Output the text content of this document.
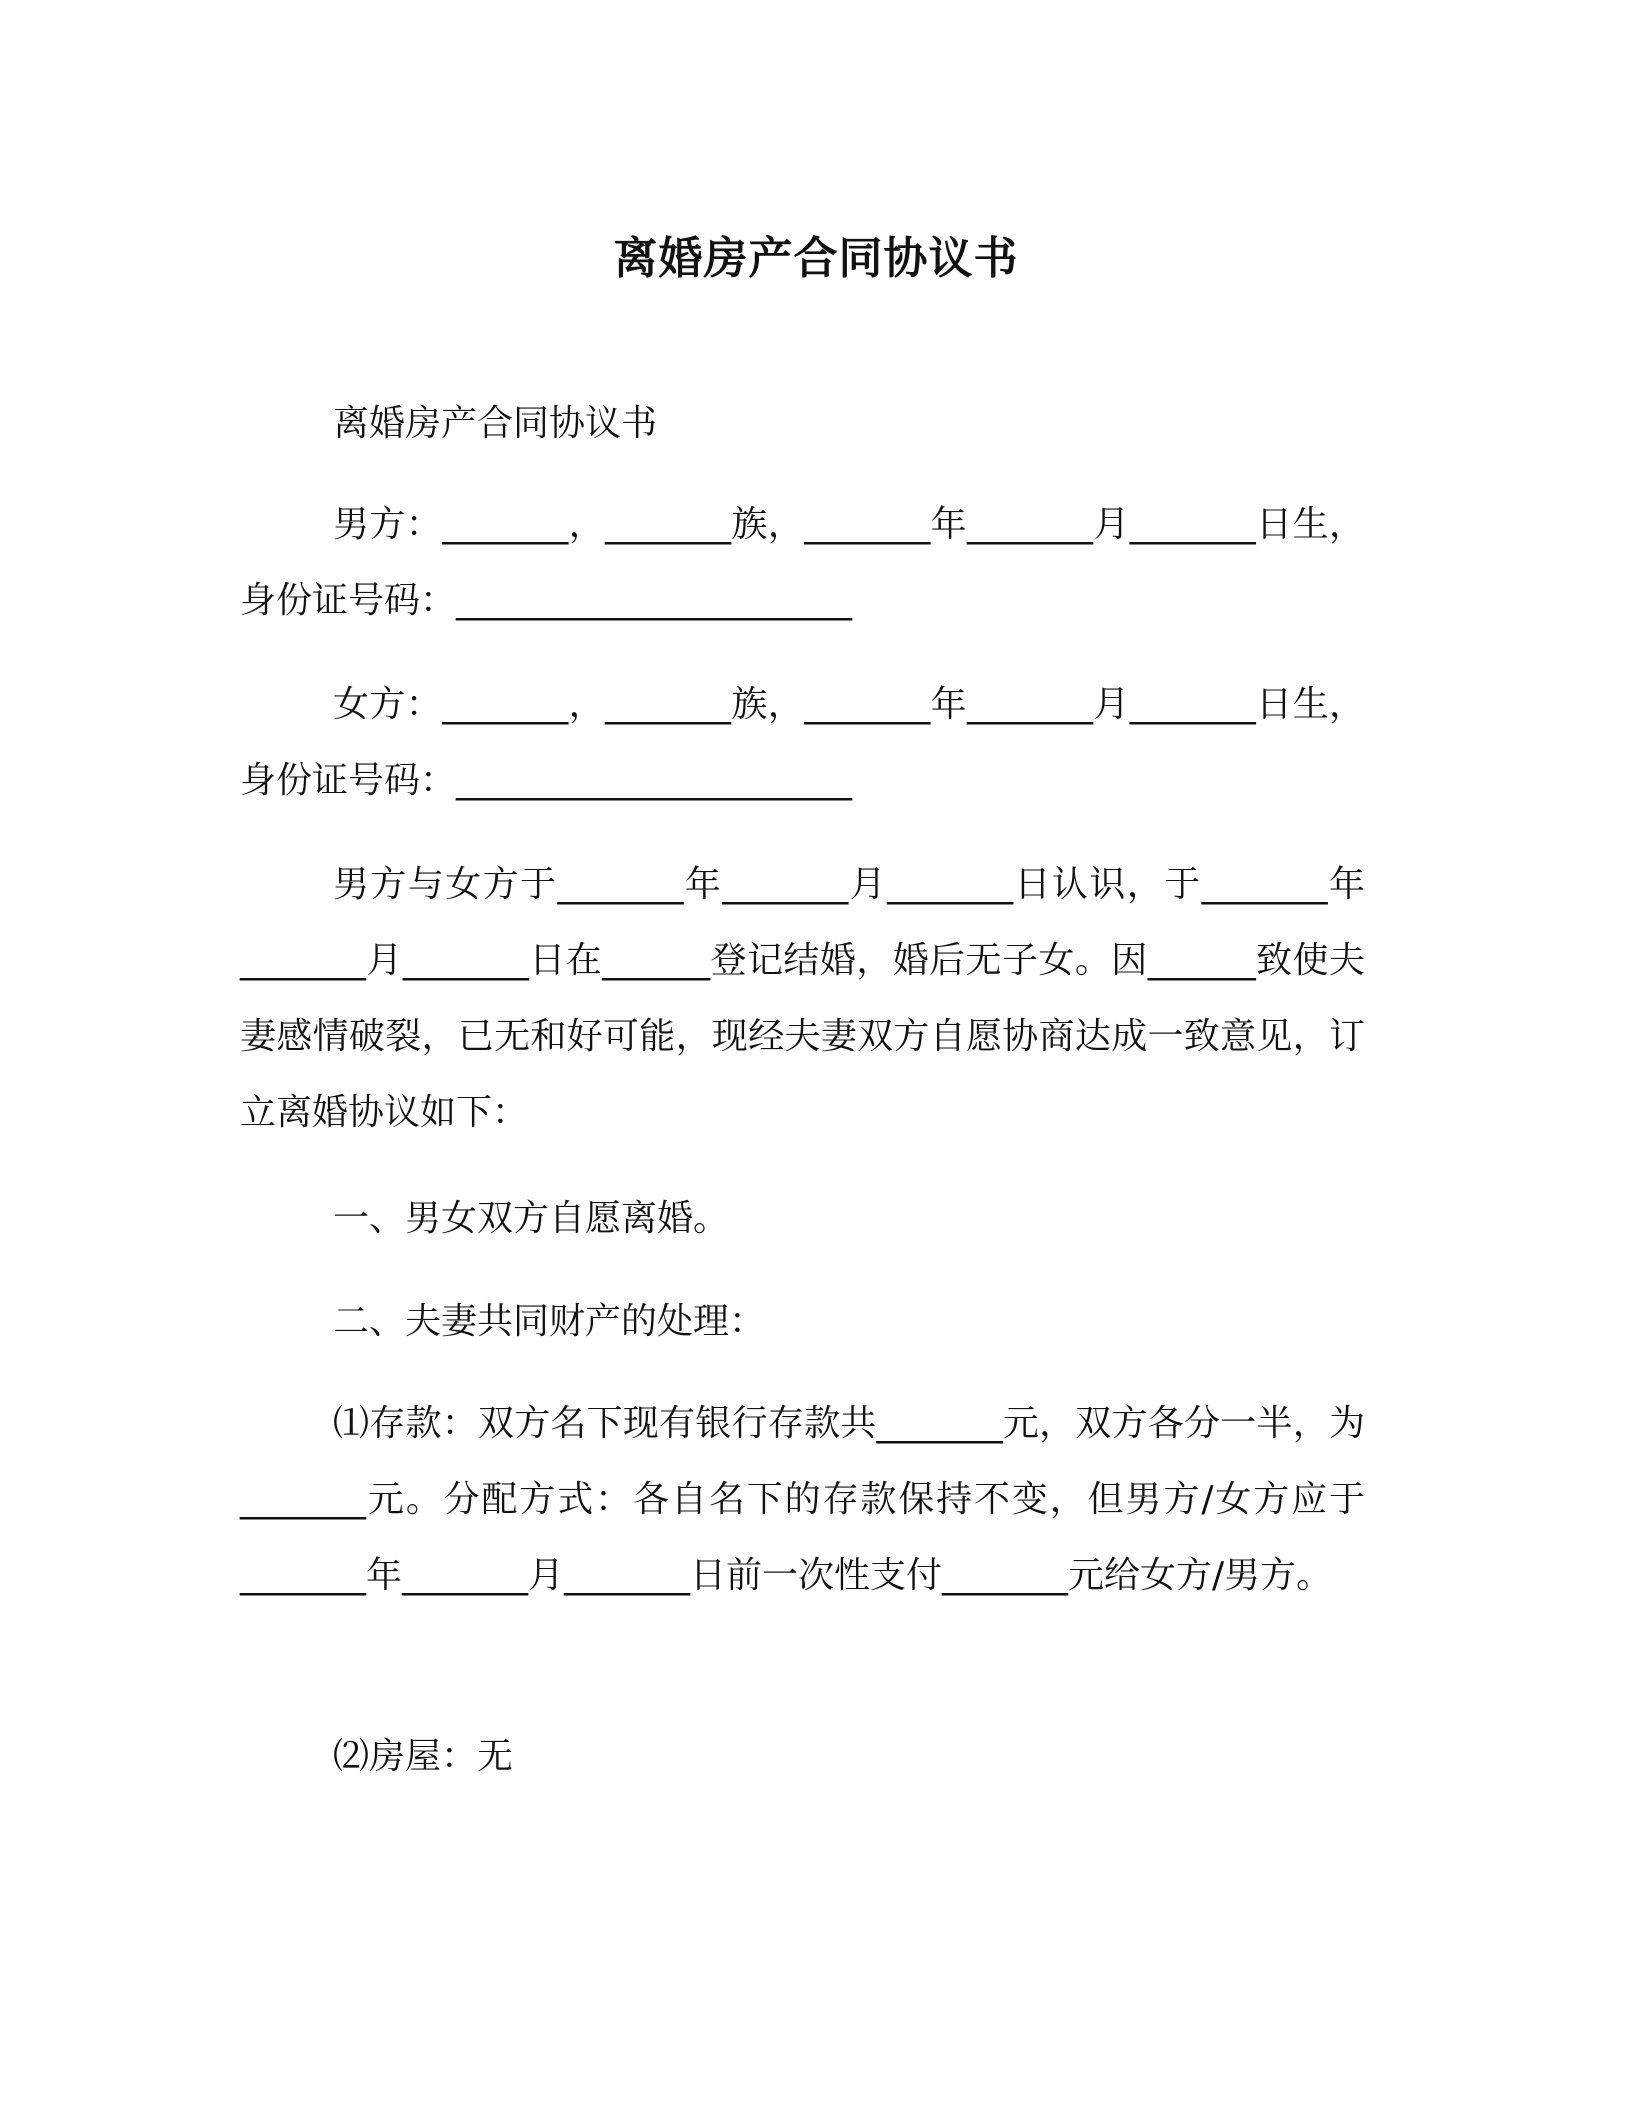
离婚房产合同协议书
离婚房产合同协议书
男方：_______，_______族，_______年_______月_______日生，身份证号码：______________________
女方：_______，_______族，_______年_______月_______日生，身份证号码：______________________
男方与女方于_______年_______月_______日认识，于_______年_______月_______日在______登记结婚，婚后无子女。因______致使夫妻感情破裂，已无和好可能，现经夫妻双方自愿协商达成一致意见，订立离婚协议如下：
一、男女双方自愿离婚。
二、夫妻共同财产的处理：
⑴存款：双方名下现有银行存款共_______元，双方各分一半，为_______元。分配方式：各自名下的存款保持不变，但男方/女方应于_______年_______月_______日前一次性支付_______元给女方/男方。
⑵房屋：无
